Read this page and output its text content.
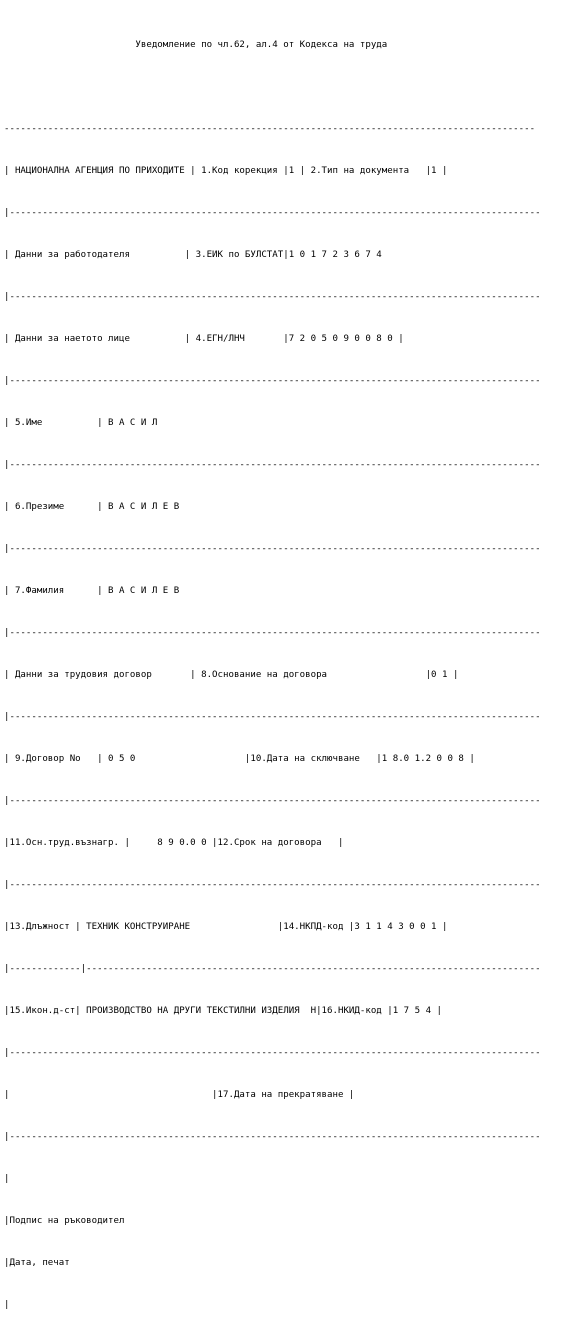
Уведомление по чл.62, ал.4 от Кодекса на труда

-------------------------------------------------------------------------------------------------

| НАЦИОНАЛНА АГЕНЦИЯ ПО ПРИХОДИТЕ | 1.Код корекция |1 | 2.Тип на документа   |1 |

|-------------------------------------------------------------------------------------------------

| Данни за работодателя          | 3.ЕИК по БУЛСТАТ|1 0 1 7 2 3 6 7 4

|-------------------------------------------------------------------------------------------------

| Данни за наетото лице          | 4.ЕГН/ЛНЧ       |7 2 0 5 0 9 0 0 8 0 |

|-------------------------------------------------------------------------------------------------

| 5.Име          | В А С И Л

|-------------------------------------------------------------------------------------------------

| 6.Презиме      | В А С И Л Е В

|-------------------------------------------------------------------------------------------------

| 7.Фамилия      | В А С И Л Е В

|-------------------------------------------------------------------------------------------------

| Данни за трудовия договор       | 8.Основание на договора                  |0 1 |

|-------------------------------------------------------------------------------------------------

| 9.Договор No   | 0 5 0                    |10.Дата на сключване   |1 8.0 1.2 0 0 8 |

|-------------------------------------------------------------------------------------------------

|11.Осн.труд.възнагр. |     8 9 0.0 0 |12.Срок на договора   |

|-------------------------------------------------------------------------------------------------

|13.Длъжност | ТЕХНИК КОНСТРУИРАНЕ                |14.НКПД-код |3 1 1 4 3 0 0 1 |

|-------------|-----------------------------------------------------------------------------------

|15.Икон.д-ст| ПРОИЗВОДСТВО НА ДРУГИ ТЕКСТИЛНИ ИЗДЕЛИЯ  Н|16.НКИД-код |1 7 5 4 |

|-------------------------------------------------------------------------------------------------

|                                     |17.Дата на прекратяване |

|-------------------------------------------------------------------------------------------------

|

|Подпис на ръководител

|Дата, печат

|
